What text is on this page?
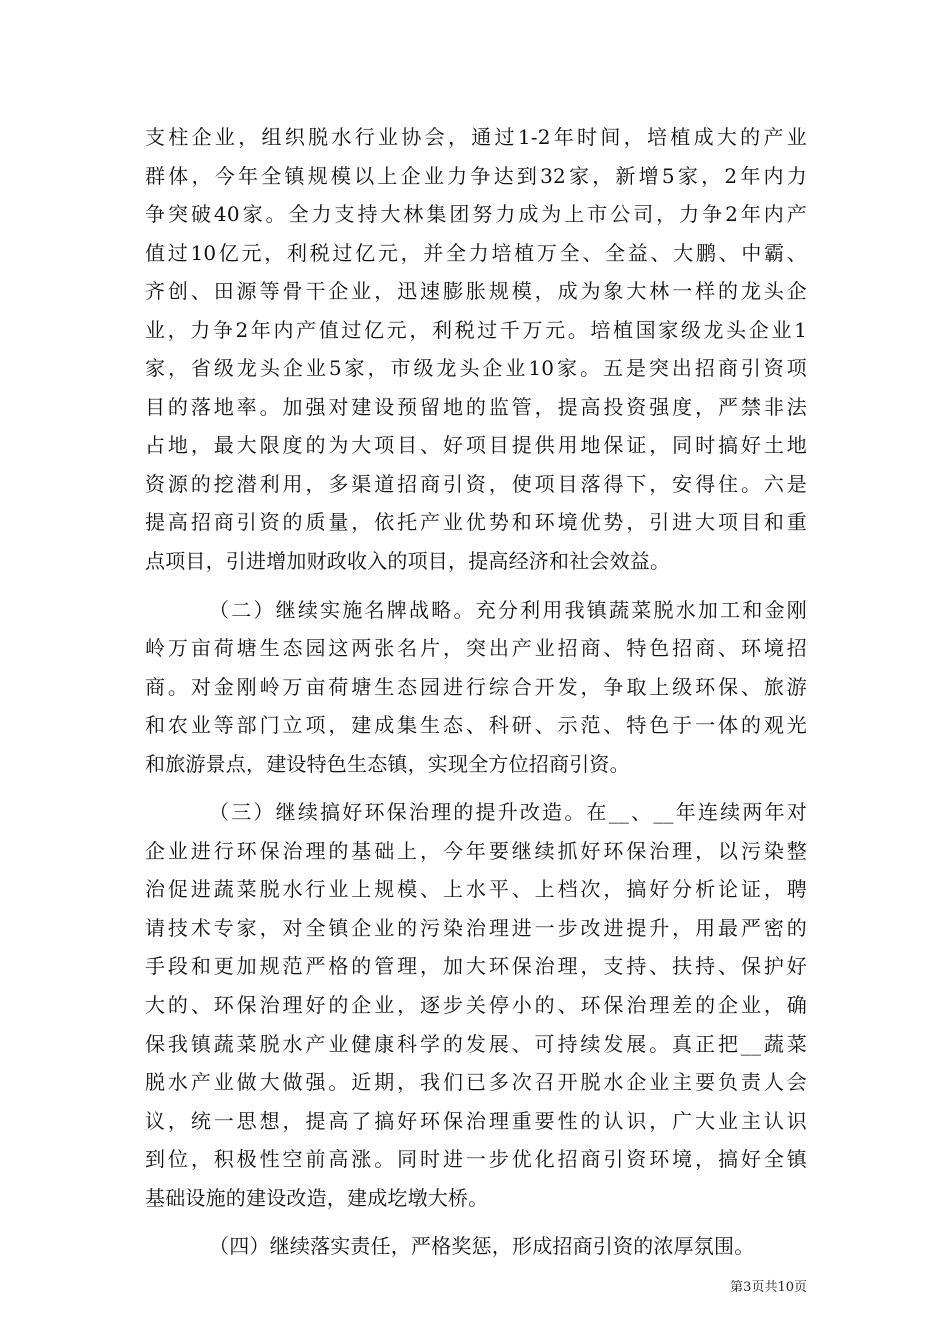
支柱企业，组织脱水行业协会，通过1-2年时间，培植成大的产业
群体，今年全镇规模以上企业力争达到32家，新增5家，2年内力
争突破40家。全力支持大林集团努力成为上市公司，力争2年内产
值过10亿元，利税过亿元，并全力培植万全、全益、大鹏、中霸、
齐创、田源等骨干企业，迅速膨胀规模，成为象大林一样的龙头企
业，力争2年内产值过亿元，利税过千万元。培植国家级龙头企业1
家，省级龙头企业5家，市级龙头企业10家。五是突出招商引资项
目的落地率。加强对建设预留地的监管，提高投资强度，严禁非法
占地，最大限度的为大项目、好项目提供用地保证，同时搞好土地
资源的挖潜利用，多渠道招商引资，使项目落得下，安得住。六是
提高招商引资的质量，依托产业优势和环境优势，引进大项目和重
点项目，引进增加财政收入的项目，提高经济和社会效益。
（二）继续实施名牌战略。充分利用我镇蔬菜脱水加工和金刚
岭万亩荷塘生态园这两张名片，突出产业招商、特色招商、环境招
商。对金刚岭万亩荷塘生态园进行综合开发，争取上级环保、旅游
和农业等部门立项，建成集生态、科研、示范、特色于一体的观光
和旅游景点，建设特色生态镇，实现全方位招商引资。
（三）继续搞好环保治理的提升改造。在__、__年连续两年对
企业进行环保治理的基础上，今年要继续抓好环保治理，以污染整
治促进蔬菜脱水行业上规模、上水平、上档次，搞好分析论证，聘
请技术专家，对全镇企业的污染治理进一步改进提升，用最严密的
手段和更加规范严格的管理，加大环保治理，支持、扶持、保护好
大的、环保治理好的企业，逐步关停小的、环保治理差的企业，确
保我镇蔬菜脱水产业健康科学的发展、可持续发展。真正把__蔬菜
脱水产业做大做强。近期，我们已多次召开脱水企业主要负责人会
议，统一思想，提高了搞好环保治理重要性的认识，广大业主认识
到位，积极性空前高涨。同时进一步优化招商引资环境，搞好全镇
基础设施的建设改造，建成圪墩大桥。
（四）继续落实责任，严格奖惩，形成招商引资的浓厚氛围。
第3页共10页
